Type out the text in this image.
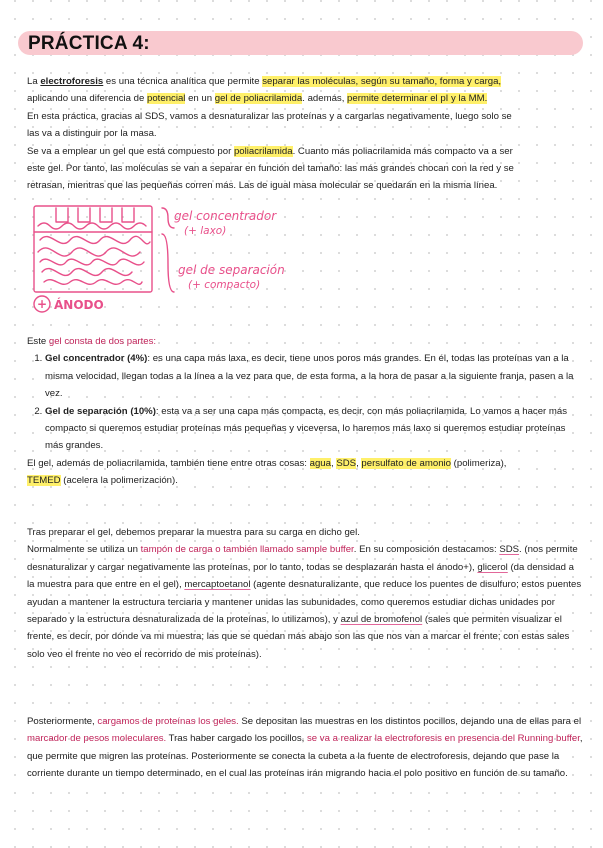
PRÁCTICA 4:

La electroforesis es una técnica analítica que permite separar las moléculas, según su tamaño, forma y carga,

aplicando una diferencia de potencial en un gel de poliacrilamida. además, permite determinar el pI y la MM.

En esta práctica, gracias al SDS, vamos a desnaturalizar las proteínas y a cargarlas negativamente, luego solo se

las va a distinguir por la masa.

Se va a emplear un gel que está compuesto por poliacrilamida. Cuanto más poliacrilamida más compacto va a ser

este gel. Por tanto, las moléculas se van a separar en función del tamaño: las más grandes chocan con la red y se

retrasan, mientras que las pequeñas corren más. Las de igual masa molecular se quedarán en la misma línea.

gel concentrador
(+ laxo)
gel de separación
(+ compacto)
+ ÁNODO

Este gel consta de dos partes:

1. Gel concentrador (4%): es una capa más laxa, es decir, tiene unos poros más grandes. En él, todas las proteínas van a la misma velocidad, llegan todas a la línea a la vez para que, de esta forma, a la hora de pasar a la siguiente franja, pasen a la vez.
2. Gel de separación (10%): esta va a ser una capa más compacta, es decir, con más poliacrilamida. Lo vamos a hacer más compacto si queremos estudiar proteínas más pequeñas y viceversa, lo haremos más laxo si queremos estudiar proteínas más grandes.

El gel, además de poliacrilamida, también tiene entre otras cosas: agua, SDS, persulfato de amonio (polimeriza),

TEMED (acelera la polimerización).

Tras preparar el gel, debemos preparar la muestra para su carga en dicho gel.

Normalmente se utiliza un tampón de carga o también llamado sample buffer. En su composición destacamos: SDS. (nos permite desnaturalizar y cargar negativamente las proteínas, por lo tanto, todas se desplazarán hasta el ánodo+), glicerol (da densidad a la muestra para que entre en el gel), mercaptoetanol (agente desnaturalizante, que reduce los puentes de disulfuro; estos puentes ayudan a mantener la estructura terciaria y mantener unidas las subunidades, como queremos estudiar dichas unidades por separado y la estructura desnaturalizada de la proteínas, lo utilizamos), y azul de bromofenol (sales que permiten visualizar el frente, es decir, por dónde va mi muestra; las que se quedan más abajo son las que nos van a marcar el frente; con estas sales solo veo el frente no veo el recorrido de mis proteínas).

Posteriormente, cargamos de proteínas los geles. Se depositan las muestras en los distintos pocillos, dejando una de ellas para el marcador de pesos moleculares. Tras haber cargado los pocillos, se va a realizar la electroforesis en presencia del Running buffer, que permite que migren las proteínas. Posteriormente se conecta la cubeta a la fuente de electroforesis, dejando que pase la corriente durante un tiempo determinado, en el cual las proteínas irán migrando hacia el polo positivo en función de su tamaño.
